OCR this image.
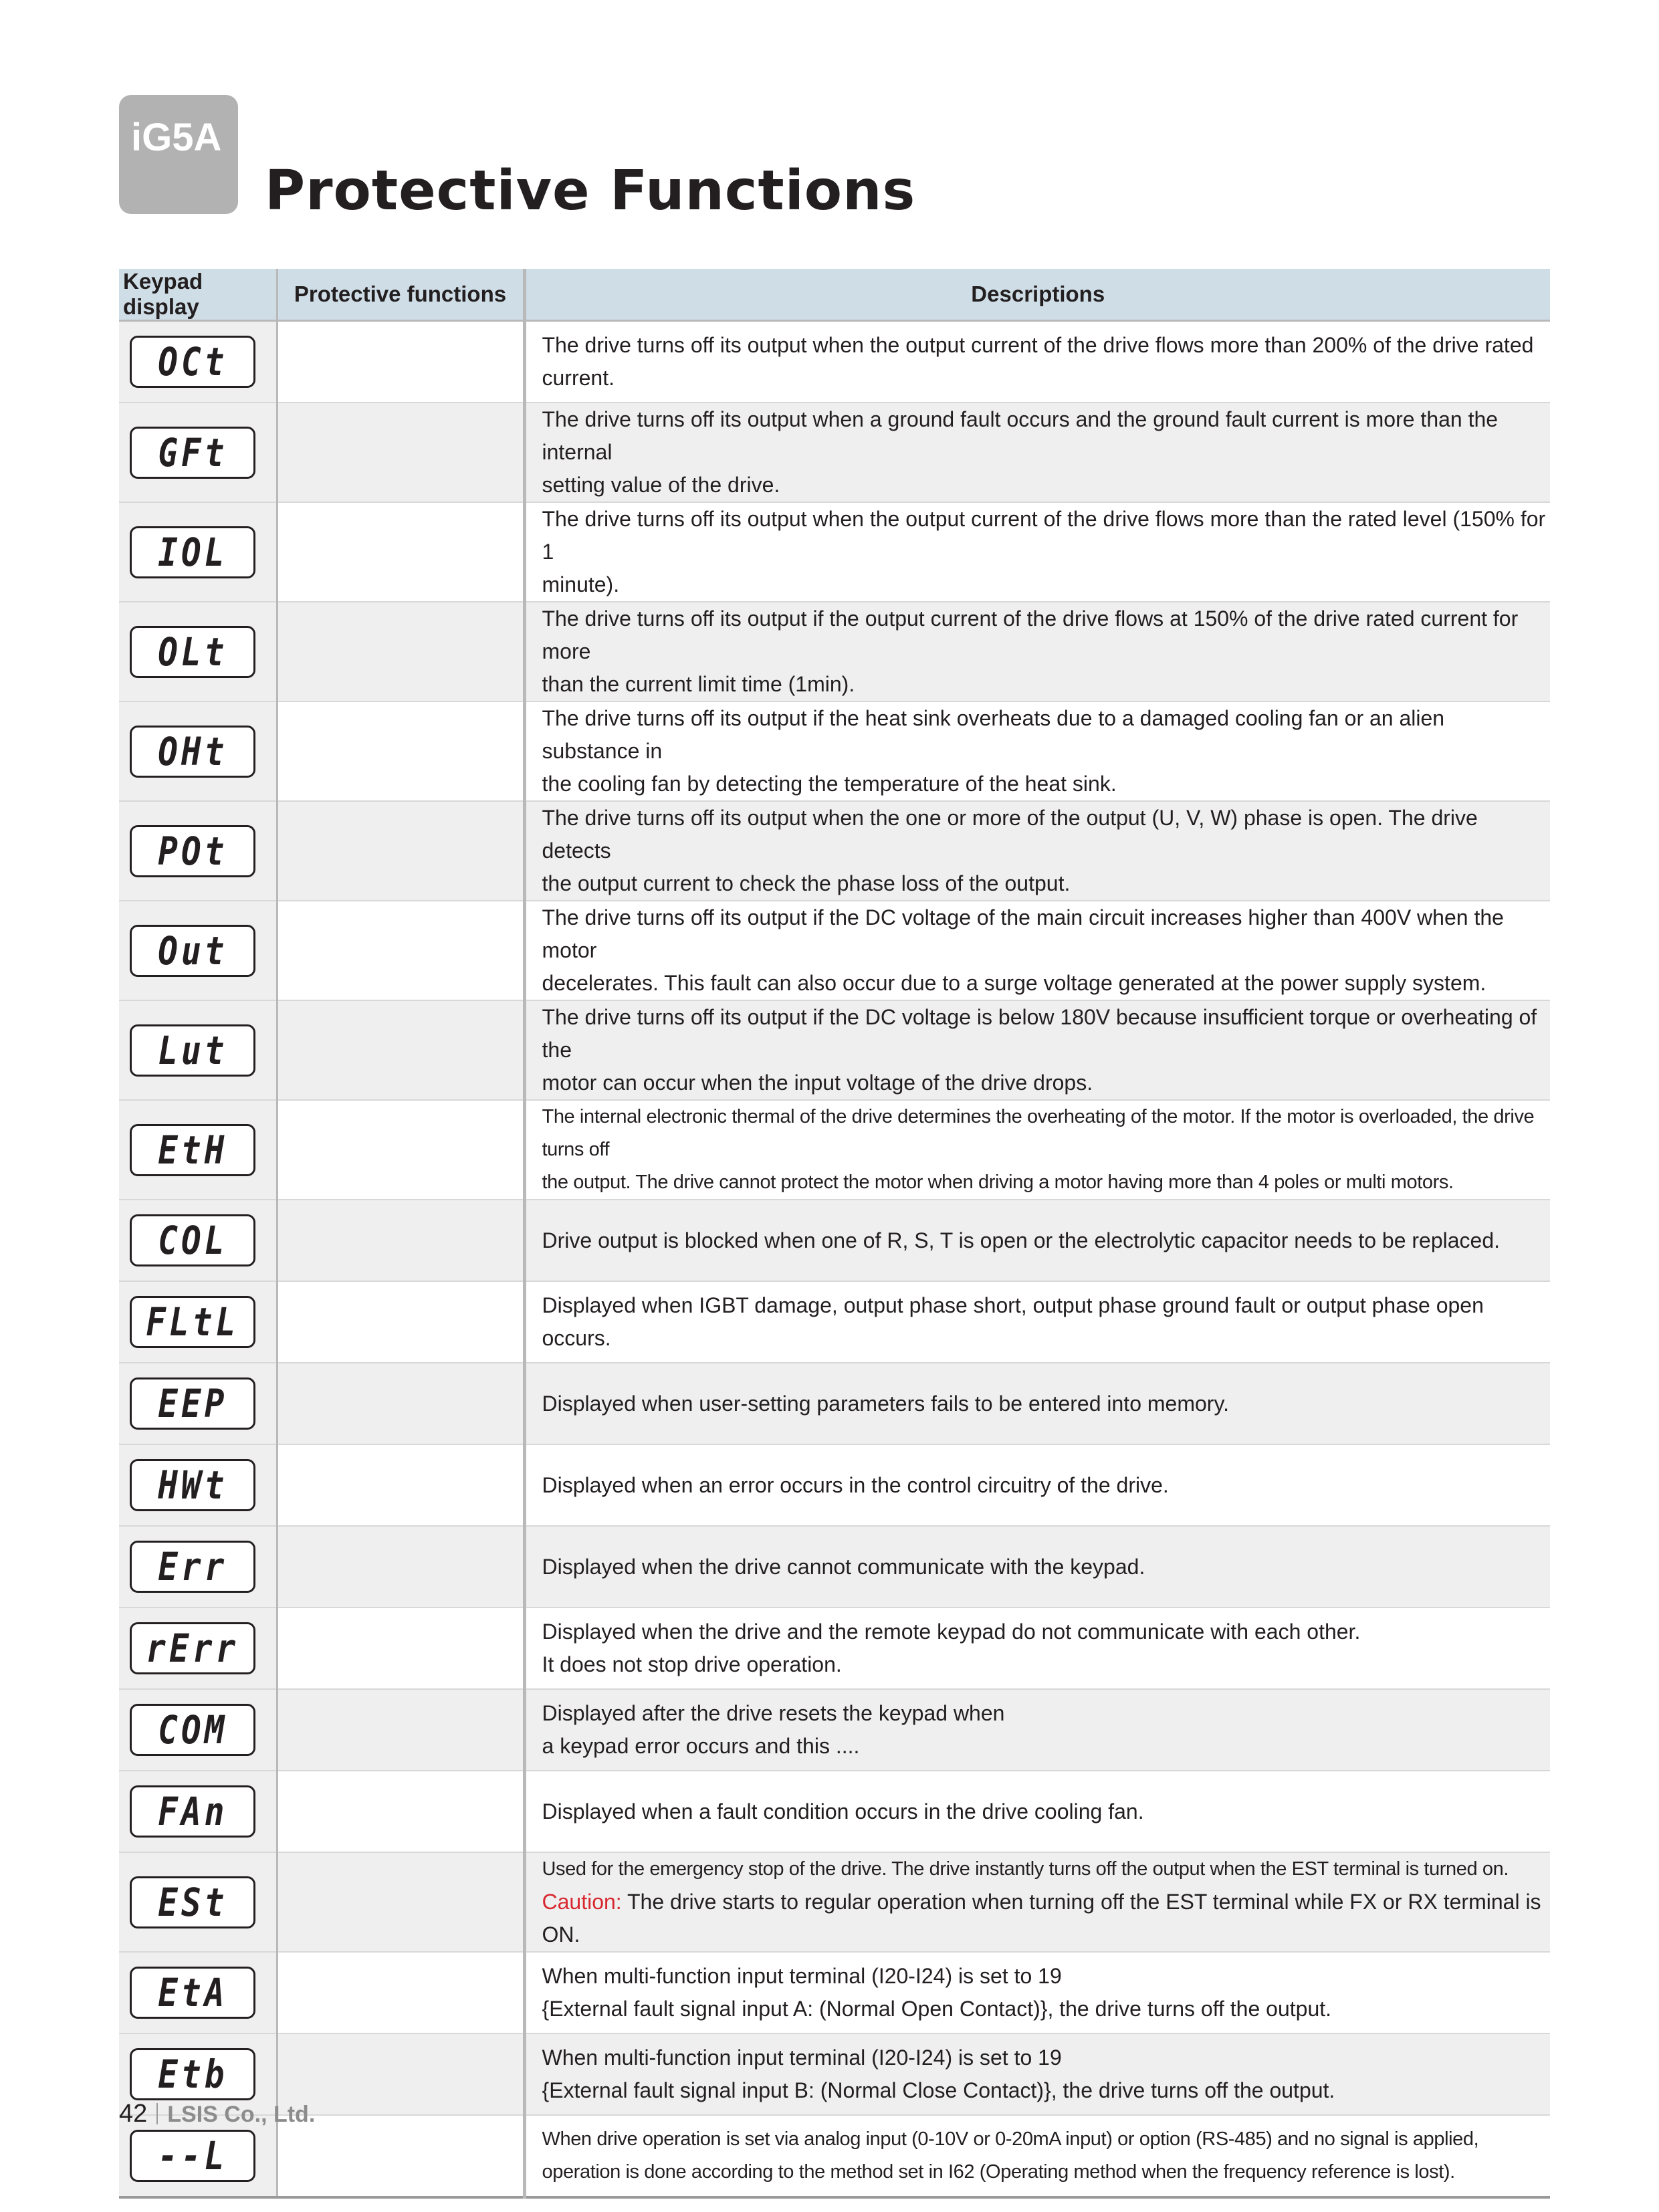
iG5A
Protective Functions
Keypad display	Protective functions	Descriptions

OCt		The drive turns off its output when the output current of the drive flows more than 200% of the drive rated
current.

GFt		The drive turns off its output when a ground fault occurs and the ground fault current is more than the internal
setting value of the drive.

IOL		The drive turns off its output when the output current of the drive flows more than the rated level (150% for 1
minute).

OLt		The drive turns off its output if the output current of the drive flows at 150% of the drive rated current for more
than the current limit time (1min).

OHt		The drive turns off its output if the heat sink overheats due to a damaged cooling fan or an alien substance in
the cooling fan by detecting the temperature of the heat sink.

POt		The drive turns off its output when the one or more of the output (U, V, W) phase is open. The drive detects
the output current to check the phase loss of the output.

Out		The drive turns off its output if the DC voltage of the main circuit increases higher than 400V when the motor
decelerates. This fault can also occur due to a surge voltage generated at the power supply system.

Lut		The drive turns off its output if the DC voltage is below 180V because insufficient torque or overheating of the
motor can occur when the input voltage of the drive drops.

EtH		The internal electronic thermal of the drive determines the overheating of the motor. If the motor is overloaded, the drive turns off
the output. The drive cannot protect the motor when driving a motor having more than 4 poles or multi motors.

COL		Drive output is blocked when one of R, S, T is open or the electrolytic capacitor needs to be replaced.

FLtL		Displayed when IGBT damage, output phase short, output phase ground fault or output phase open occurs.

EEP		Displayed when user-setting parameters fails to be entered into memory.

HWt		Displayed when an error occurs in the control circuitry of the drive.

Err		Displayed when the drive cannot communicate with the keypad.

rErr		Displayed when the drive and the remote keypad do not communicate with each other.
It does not stop drive operation.

COM		Displayed after the drive resets the keypad when
a keypad error occurs and this ....

FAn		Displayed when a fault condition occurs in the drive cooling fan.

ESt		Used for the emergency stop of the drive. The drive instantly turns off the output when the EST terminal is turned on.
Caution: The drive starts to regular operation when turning off the EST terminal while FX or RX terminal is ON.

EtA		When multi-function input terminal (I20-I24) is set to 19
{External fault signal input A: (Normal Open Contact)}, the drive turns off the output.

Etb		When multi-function input terminal (I20-I24) is set to 19
{External fault signal input B: (Normal Close Contact)}, the drive turns off the output.

--L		When drive operation is set via analog input (0-10V or 0-20mA input) or option (RS-485) and no signal is applied,
operation is done according to the method set in I62 (Operating method when the frequency reference is lost).
42 LSIS Co., Ltd.
